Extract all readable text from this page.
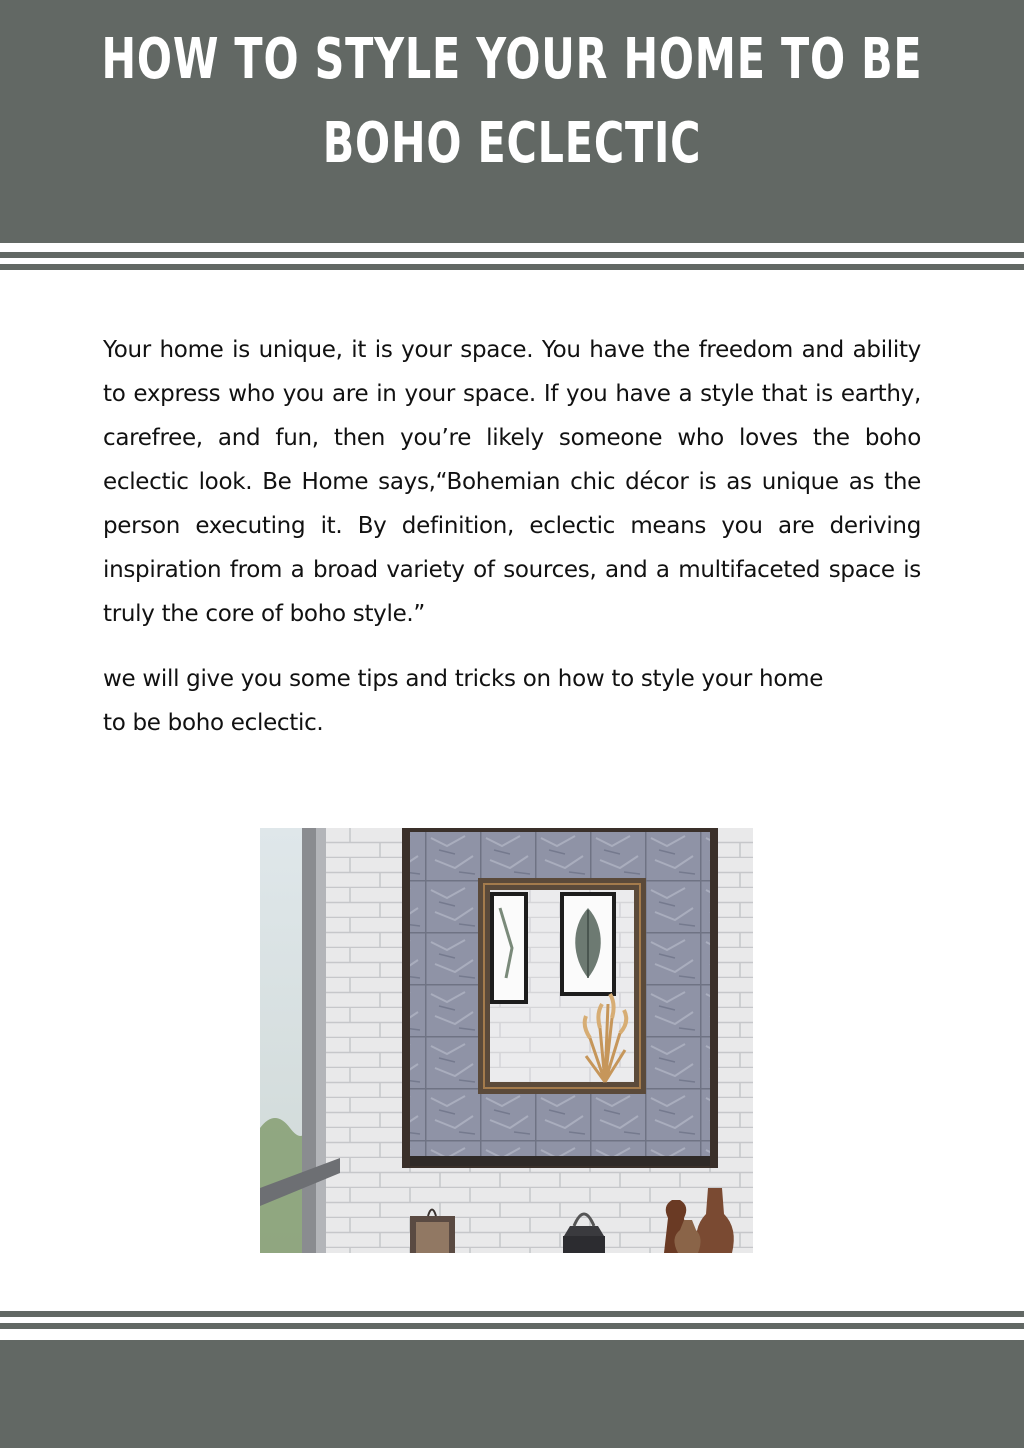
HOW TO STYLE YOUR HOME TO BE
BOHO ECLECTIC

Your home is unique, it is your space. You have the freedom and ability to express who you are in your space. If you have a style that is earthy, carefree, and fun, then you’re likely someone who loves the boho eclectic look. Be Home says,“Bohemian chic décor is as unique as the person executing it. By definition, eclectic means you are deriving inspiration from a broad variety of sources, and a multifaceted space is truly the core of boho style.”

we will give you some tips and tricks on how to style your home to be boho eclectic.
